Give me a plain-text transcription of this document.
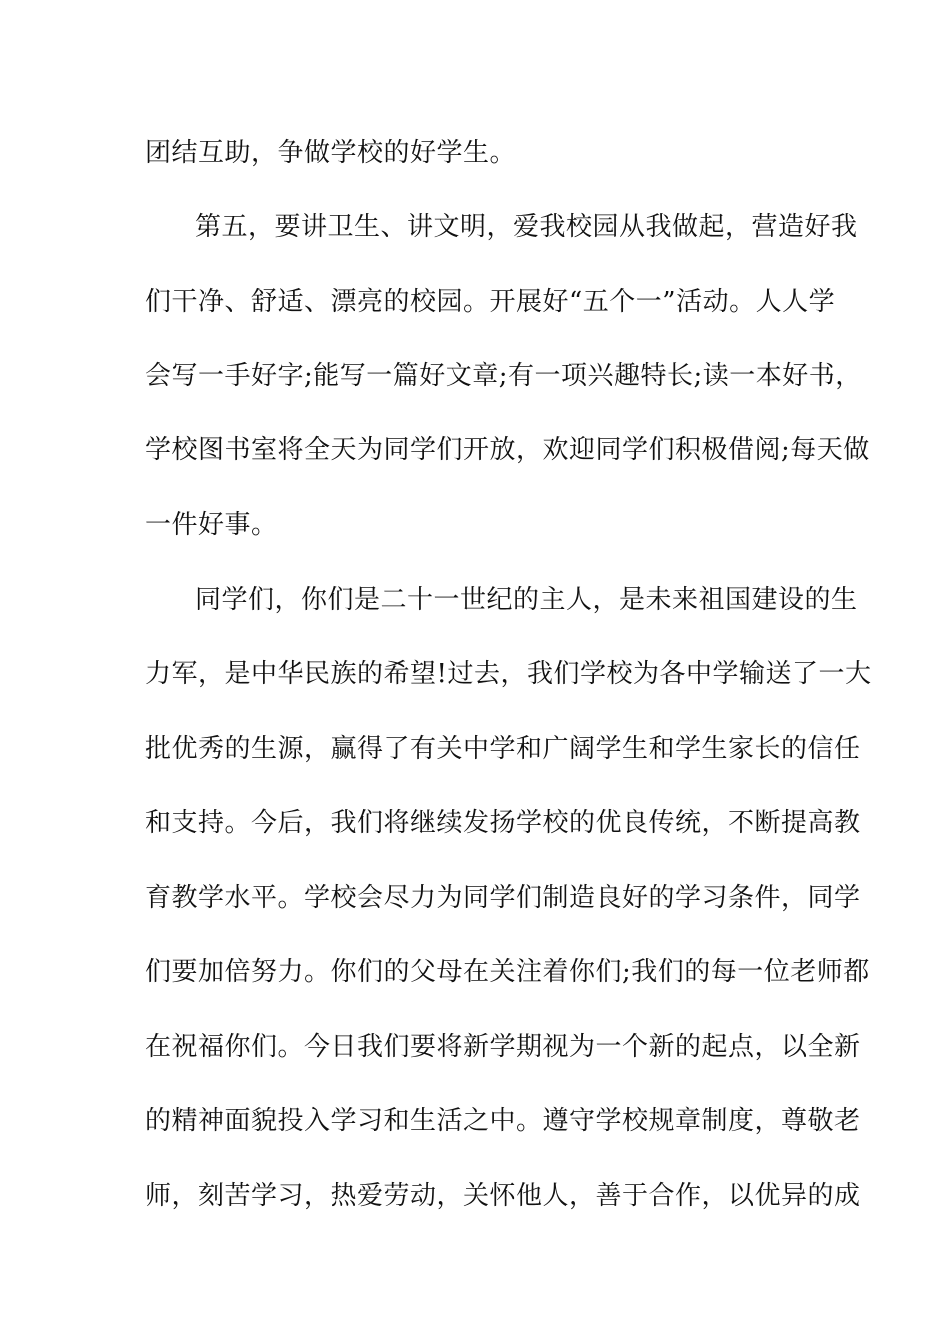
团结互助，争做学校的好学生。
第五，要讲卫生、讲文明，爱我校园从我做起，营造好我
们干净、舒适、漂亮的校园。开展好“五个一”活动。人人学
会写一手好字;能写一篇好文章;有一项兴趣特长;读一本好书，
学校图书室将全天为同学们开放，欢迎同学们积极借阅;每天做
一件好事。
同学们，你们是二十一世纪的主人，是未来祖国建设的生
力军，是中华民族的希望!过去，我们学校为各中学输送了一大
批优秀的生源，赢得了有关中学和广阔学生和学生家长的信任
和支持。今后，我们将继续发扬学校的优良传统，不断提高教
育教学水平。学校会尽力为同学们制造良好的学习条件，同学
们要加倍努力。你们的父母在关注着你们;我们的每一位老师都
在祝福你们。今日我们要将新学期视为一个新的起点，以全新
的精神面貌投入学习和生活之中。遵守学校规章制度，尊敬老
师，刻苦学习，热爱劳动，关怀他人，善于合作，以优异的成
